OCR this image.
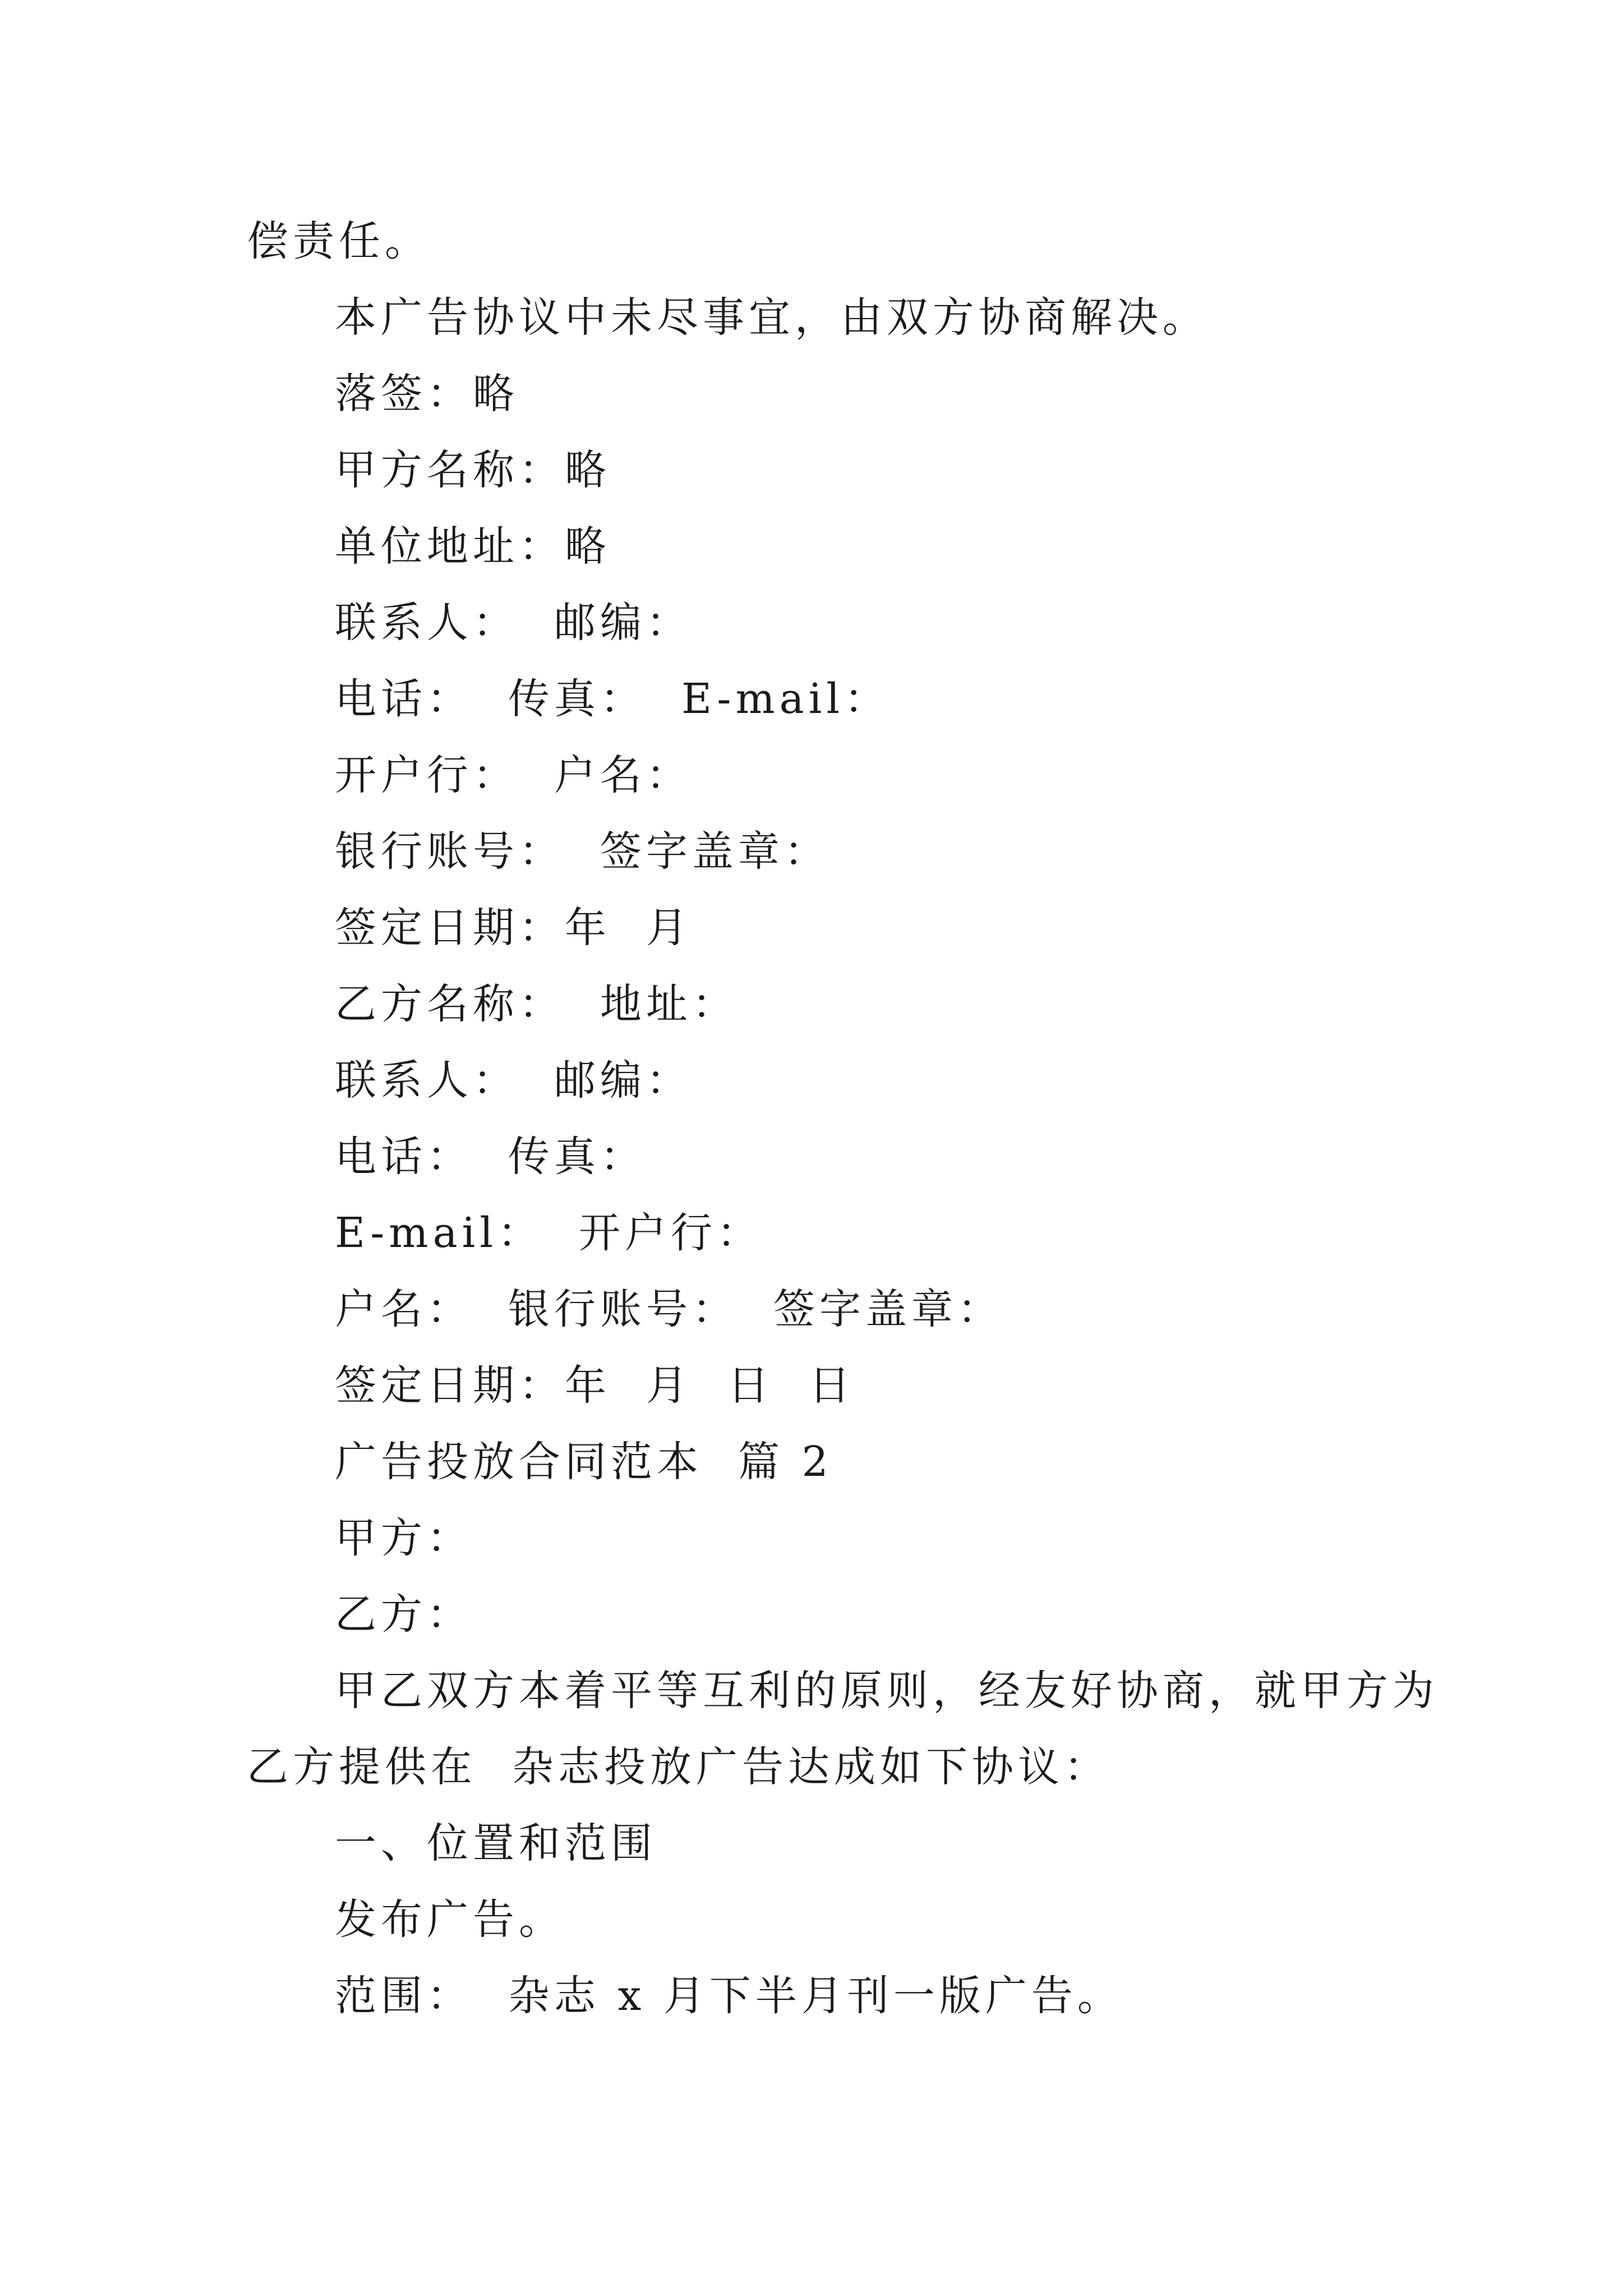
偿责任。
本广告协议中未尽事宜，由双方协商解决。
落签：略
甲方名称：略
单位地址：略
联系人：  邮编：
电话：  传真：  E-mail：
开户行：  户名：
银行账号：  签字盖章：
签定日期：年  月
乙方名称：  地址：
联系人：  邮编：
电话：  传真：
E-mail：  开户行：
户名：  银行账号：  签字盖章：
签定日期：年  月  日  日
广告投放合同范本  篇 2
甲方：
乙方：
甲乙双方本着平等互利的原则，经友好协商，就甲方为
乙方提供在  杂志投放广告达成如下协议：
一、位置和范围
发布广告。
范围：  杂志 x 月下半月刊一版广告。
